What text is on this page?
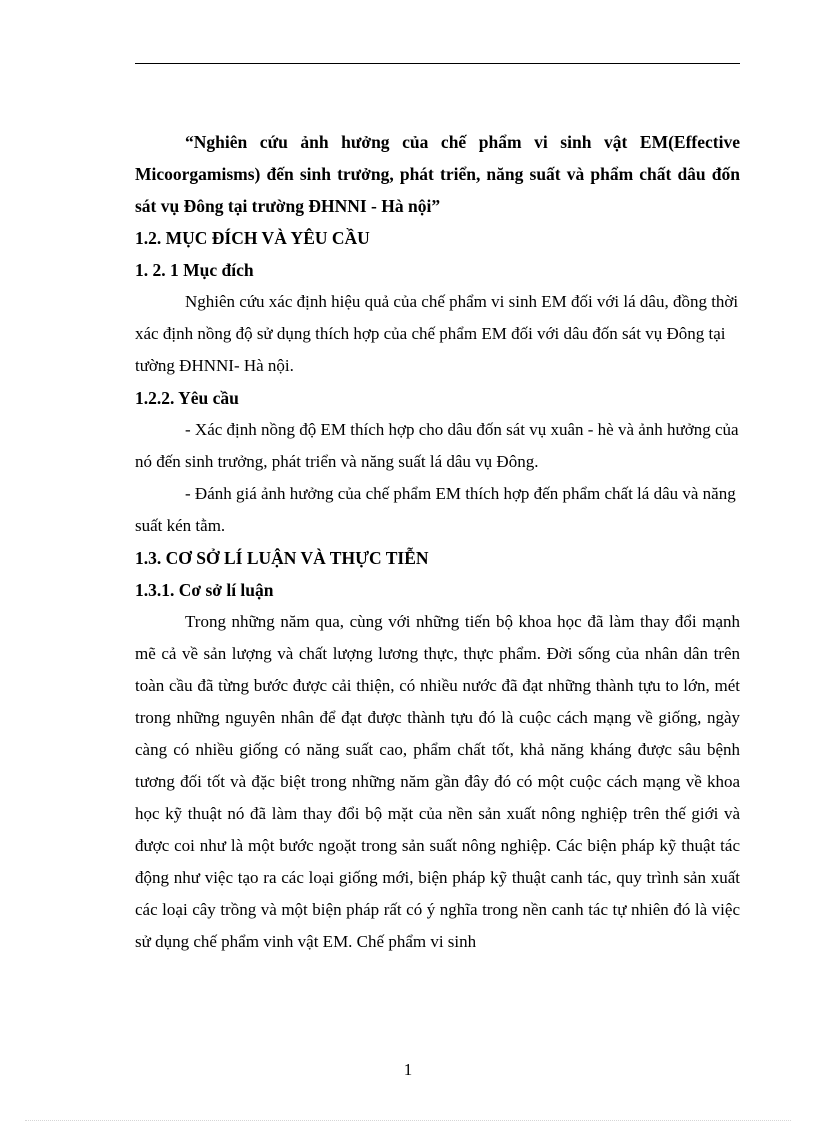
“Nghiên cứu ảnh hưởng của chế phẩm vi sinh vật EM(Effective Micoorgamisms) đến sinh trưởng, phát triển, năng suất và phẩm chất dâu đốn sát vụ Đông tại trường ĐHNNI - Hà nội”

1.2. MỤC ĐÍCH VÀ YÊU CẦU

1. 2. 1 Mục đích

Nghiên cứu xác định hiệu quả của chế phẩm vi sinh EM đối với lá dâu, đồng thời xác định nồng độ sử dụng thích hợp của chế phẩm EM đối với dâu đốn sát vụ Đông tại tường ĐHNNI- Hà nội.

1.2.2. Yêu cầu

- Xác định nồng độ EM thích hợp cho dâu đốn sát vụ xuân - hè và ảnh hưởng của nó đến sinh trưởng, phát triển và năng suất lá dâu vụ Đông.

- Đánh giá ảnh hưởng của chế phẩm EM thích hợp đến phẩm chất lá dâu và năng suất kén tằm.

1.3. CƠ SỞ LÍ LUẬN VÀ THỰC TIỄN

1.3.1. Cơ sở lí luận

Trong những năm qua, cùng với những tiến bộ khoa học đã làm thay đổi mạnh mẽ cả về sản lượng và chất lượng lương thực, thực phẩm. Đời sống của nhân dân trên toàn cầu đã từng bước được cải thiện, có nhiều nước đã đạt những thành tựu to lớn, mét trong những nguyên nhân để đạt được thành tựu đó là cuộc cách mạng về giống, ngày càng có nhiều giống có năng suất cao, phẩm chất tốt, khả năng kháng được sâu bệnh tương đối tốt và đặc biệt trong những năm gần đây đó có một cuộc cách mạng về khoa học kỹ thuật nó đã làm thay đổi bộ mặt của nền sản xuất nông nghiệp trên thế giới và được coi như là một bước ngoặt trong sản suất nông nghiệp. Các biện pháp kỹ thuật tác động như việc tạo ra các loại giống mới, biện pháp kỹ thuật canh tác, quy trình sản xuất các loại cây trồng và một biện pháp rất có ý nghĩa trong nền canh tác tự nhiên đó là việc sử dụng chế phẩm vinh vật EM. Chế phẩm vi sinh

1
